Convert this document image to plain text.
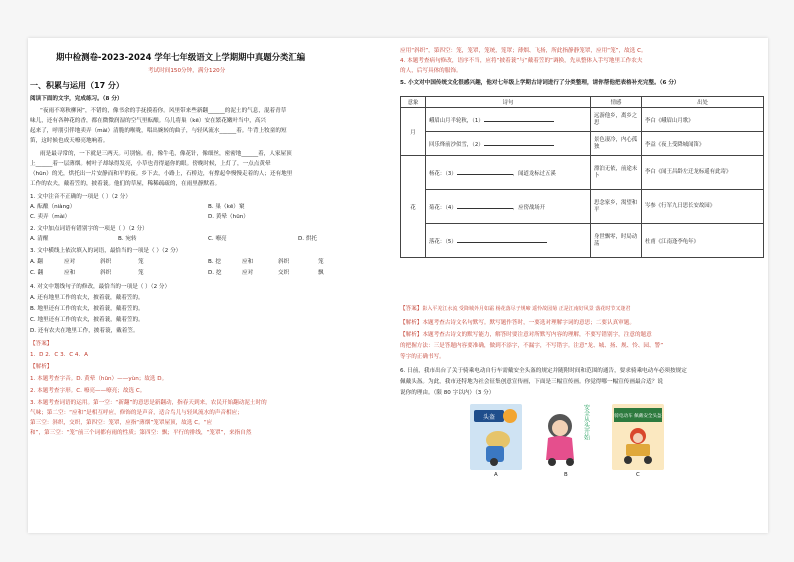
期中检测卷-2023-2024 学年七年级语文上学期期中真题分类汇编
考试时间150分钟，满分120分
一、积累与运用（17 分）
阅读下面的文字，完成练习。（8 分）
“夜雨不寒秋柳闲”，不错的，像书余的手抚摸着你。风里带来些新翻______的泥土的气息，混着青草
味儿，还有各种花的香，都在微微润湿的空气里酝酿。乌儿将巢（kē）安在繁花嫩叶当中，高兴
起来了，呼朋引伴地卖弄（mài）清脆的喉咙，唱出婉转的曲子，与轻风流水______着。牛背上牧童的短
笛，这时候也成天嘹亮地响着。
雨是最寻常的，一下就是三两天。可别恼。看，像牛毛，像花针，像细丝，密密地______着，人家屋顶
上______着一层薄烟。树叶子却绿得发亮，小草也青得逼你的眼。傍晚时候，上灯了，一点点黄晕
（hūn）的光，烘托出一片安静而和平的夜。乡下去，小路上，石桥边，有撑起伞慢慢走着的人；还有地里
工作的农夫，戴着笠的，披着蓑。他们的草屋，稀稀疏疏的，在雨里静默着。
1. 文中注音不正确的一项是（ ）（2 分）
A. 酝酿（niàng）	B. 巢（kē）窠
C. 卖弄（mài）	D. 黄晕（hūn）
2. 文中加点词语有错别字的一项是（ ）（2 分）
A. 清醒	B. 宛转	C. 嘹亮	D. 烘托
3. 文中横线上依次填入的词语，最恰当的一项是（ ）（2 分）
A. 翻	应对	斜织	笼	B. 挖	应和	斜织	笼
C. 翻	应和	斜织	笼	D. 挖	应对	交织	飘
4. 对文中划线句子的修改，最恰当的一项是（ ）（2 分）
A. 还有地里工作的农夫，披着蓑，戴着笠的。
B. 地里还有工作的农夫，披着蓑，戴着笠的。
C. 地里还有工作的农夫，披着蓑，戴着笠的。
D. 还有农夫在地里工作，披着蓑，戴着笠。
【答案】
1．D 2．C 3．C 4．A
【解析】
1. 本题考查字音。D. 黄晕（hūn）——yùn；故选 D。
2. 本题考查字形。C. 嘹亮——嘹亮；故选 C。
3. 本题考查词语的运用。第一空：“新翻”的意思是新翻动，指春天到来，农民开始翻动泥土时的
气味；第二空：“应和”是相互呼应，修饰的是声音，适合鸟儿与轻风流水的声音相应；
第三空：斜织，交织，第四空：笼罩，应指“薄烟”笼罩屋顶，故选 C。“应
和”，第三空：“笼”前三个词都有雨的性质；第四空：飘；平行的排线，“笼罩”，来指自然
应用“斜织”，第四空：笼，笼罩，笼统，笼罩；薄烟、飞扬，所此指静静笼罩，应用“笼”，故选 C。
4. 本题考查病句修改，语序不当，应将“披着蓑”与“戴着笠的”调换，先从整体入手写地里工作农夫
的人，后写具体的服饰。
5. 小文对中国传统文化很感兴趣，他对七年级上学期古诗词进行了分类整理，请你帮他把表格补充完整。（6 分）
意象	诗句	情感	出处
月	峨眉山月半轮秋，（1）	远游他乡，离乡之思	李白《峨眉山月歌》
	回乐烽前沙似雪，（2）	景色凄冷，内心孤独	李益《夜上受降城闻笛》
花	杨花：（3） ，闻道龙标过五溪	漂泊无依，前途未卜	李白《闻王昌龄左迁龙标遥有此寄》
	菊花：（4） ，应傍战场开	思念家乡，渴望和平	岑参《行军九日思长安故园》
	落花：（5）	身世飘零，时局动荡	杜甫《江南逢李龟年》
【答案】影入平羌江水流 受降城外月如霜 杨花落尽子规啼 遥怜故园菊 正是江南好风景 落花时节又逢君
【解析】本题考查古诗文名句默写。默写题作答时，一要选对理解字词的意思；二要认真审题。
【解析】本题考查古诗文的默写能力，解答时要注意对所默写内容的理解，不要写错别字，注意的题意
的把握方法：三是答题内容要准确，做到不添字，不漏字，不写错字。注意“龙、城、扬、规、怜、园、警”
等字的正确书写。
6. 日前，我市出台了关于骑乘电动自行车需戴安全头盔的规定并随附时间和范围的通告，要求骑乘电动车必须按规定
佩戴头盔。为此，我市还特地为社会征集创意宣传画，下面是三幅宣传画。你觉得哪一幅宣传画最合适？说
说你的理由。（限 80 字以内）（3 分）
头盔
A
安全从头开始
B
骑电动车 佩戴安全头盔
C
